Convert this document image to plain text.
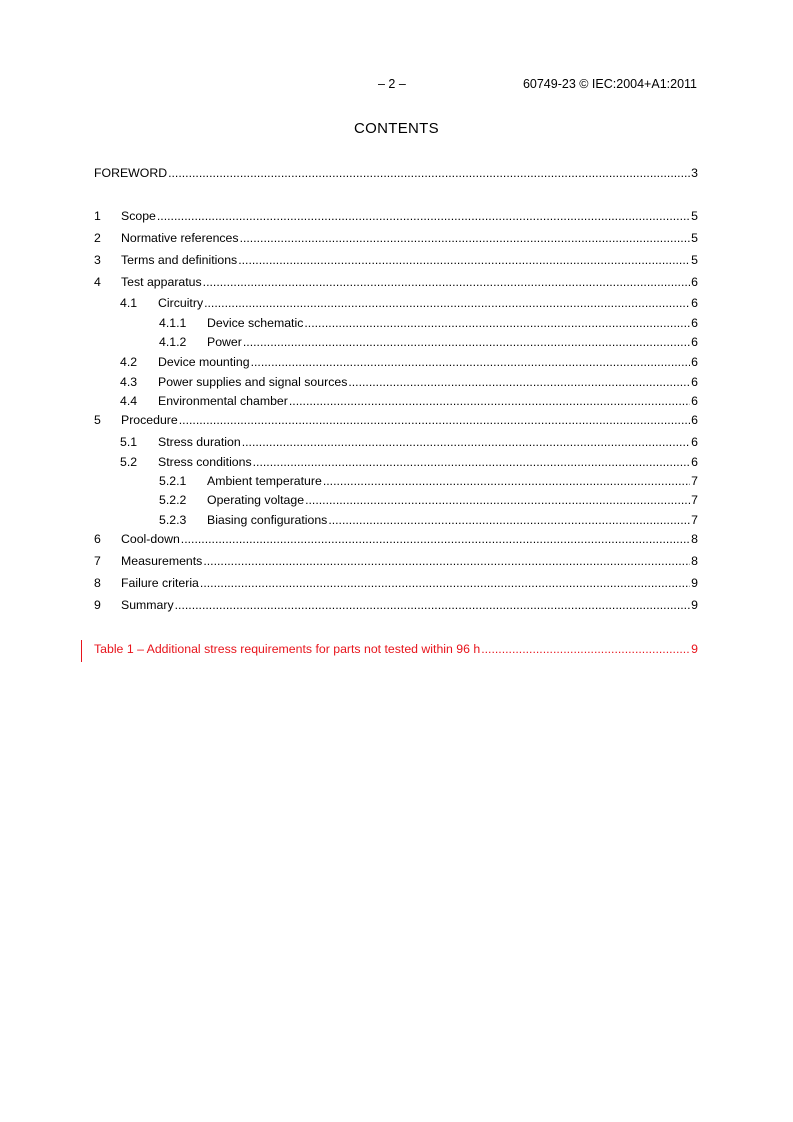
– 2 –	60749-23 © IEC:2004+A1:2011
CONTENTS
FOREWORD .....	3
1	Scope .....	5
2	Normative references .....	5
3	Terms and definitions .....	5
4	Test apparatus .....	6
4.1	Circuitry .....	6
4.1.1	Device schematic .....	6
4.1.2	Power .....	6
4.2	Device mounting .....	6
4.3	Power supplies and signal sources .....	6
4.4	Environmental chamber .....	6
5	Procedure .....	6
5.1	Stress duration .....	6
5.2	Stress conditions .....	6
5.2.1	Ambient temperature .....	7
5.2.2	Operating voltage .....	7
5.2.3	Biasing configurations .....	7
6	Cool-down .....	8
7	Measurements .....	8
8	Failure criteria .....	9
9	Summary .....	9
Table 1 – Additional stress requirements for parts not tested within 96 h .....	9
